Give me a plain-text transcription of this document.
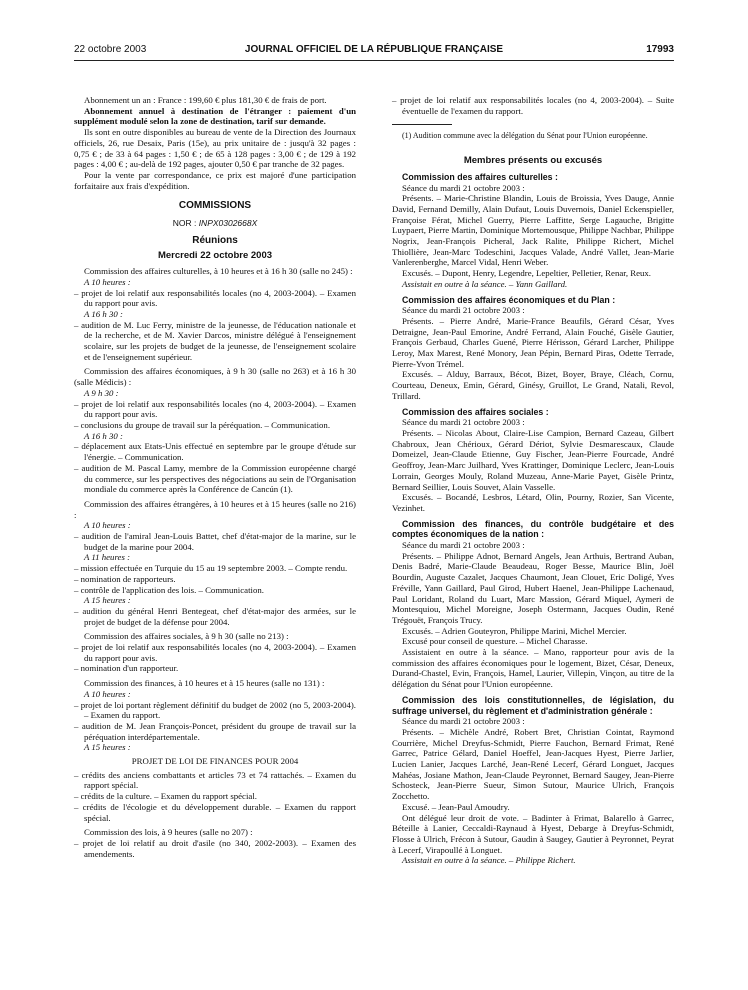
22 octobre 2003	JOURNAL OFFICIEL DE LA RÉPUBLIQUE FRANÇAISE	17993

Abonnement un an : France : 199,60 € plus 181,30 € de frais de port.

Abonnement annuel à destination de l'étranger : paiement d'un supplément modulé selon la zone de destination, tarif sur demande.

Ils sont en outre disponibles au bureau de vente de la Direction des Journaux officiels, 26, rue Desaix, Paris (15e), au prix unitaire de : jusqu'à 32 pages : 0,75 € ; de 33 à 64 pages : 1,50 € ; de 65 à 128 pages : 3,00 € ; de 129 à 192 pages : 4,00 € ; au-delà de 192 pages, ajouter 0,50 € par tranche de 32 pages.

Pour la vente par correspondance, ce prix est majoré d'une participation forfaitaire aux frais d'expédition.

COMMISSIONS
NOR : INPX0302668X
Réunions
Mercredi 22 octobre 2003

Commission des affaires culturelles, à 10 heures et à 16 h 30 (salle no 245) :

A 10 heures :

– projet de loi relatif aux responsabilités locales (no 4, 2003-2004). – Examen du rapport pour avis.

A 16 h 30 :

– audition de M. Luc Ferry, ministre de la jeunesse, de l'éducation nationale et de la recherche, et de M. Xavier Darcos, ministre délégué à l'enseignement scolaire, sur les projets de budget de la jeunesse, de l'enseignement scolaire et de l'enseignement supérieur.

Commission des affaires économiques, à 9 h 30 (salle no 263) et à 16 h 30 (salle Médicis) :

A 9 h 30 :

– projet de loi relatif aux responsabilités locales (no 4, 2003-2004). – Examen du rapport pour avis.

– conclusions du groupe de travail sur la péréquation. – Communication.

A 16 h 30 :

– déplacement aux Etats-Unis effectué en septembre par le groupe d'étude sur l'énergie. – Communication.

– audition de M. Pascal Lamy, membre de la Commission européenne chargé du commerce, sur les perspectives des négociations au sein de l'Organisation mondiale du commerce après la Conférence de Cancún (1).

Commission des affaires étrangères, à 10 heures et à 15 heures (salle no 216) :

A 10 heures :

– audition de l'amiral Jean-Louis Battet, chef d'état-major de la marine, sur le budget de la marine pour 2004.

A 11 heures :

– mission effectuée en Turquie du 15 au 19 septembre 2003. – Compte rendu.

– nomination de rapporteurs.

– contrôle de l'application des lois. – Communication.

A 15 heures :

– audition du général Henri Bentegeat, chef d'état-major des armées, sur le projet de budget de la défense pour 2004.

Commission des affaires sociales, à 9 h 30 (salle no 213) :

– projet de loi relatif aux responsabilités locales (no 4, 2003-2004). – Examen du rapport pour avis.

– nomination d'un rapporteur.

Commission des finances, à 10 heures et à 15 heures (salle no 131) :

A 10 heures :

– projet de loi portant règlement définitif du budget de 2002 (no 5, 2003-2004). – Examen du rapport.

– audition de M. Jean François-Poncet, président du groupe de travail sur la péréquation interdépartementale.

A 15 heures :

PROJET DE LOI DE FINANCES POUR 2004

– crédits des anciens combattants et articles 73 et 74 rattachés. – Examen du rapport spécial.

– crédits de la culture. – Examen du rapport spécial.

– crédits de l'écologie et du développement durable. – Examen du rapport spécial.

Commission des lois, à 9 heures (salle no 207) :

– projet de loi relatif au droit d'asile (no 340, 2002-2003). – Examen des amendements.

– projet de loi relatif aux responsabilités locales (no 4, 2003-2004). – Suite éventuelle de l'examen du rapport.

(1) Audition commune avec la délégation du Sénat pour l'Union européenne.

Membres présents ou excusés

Commission des affaires culturelles :

Séance du mardi 21 octobre 2003 :

Présents. – Marie-Christine Blandin, Louis de Broissia, Yves Dauge, Annie David, Fernand Demilly, Alain Dufaut, Louis Duvernois, Daniel Eckenspieller, Françoise Férat, Michel Guerry, Pierre Laffitte, Serge Lagauche, Brigitte Luypaert, Pierre Martin, Dominique Mortemousque, Philippe Nachbar, Philippe Nogrix, Jean-François Picheral, Jack Ralite, Philippe Richert, Michel Thiollière, Jean-Marc Todeschini, Jacques Valade, André Vallet, Jean-Marie Vanlerenberghe, Marcel Vidal, Henri Weber.

Excusés. – Dupont, Henry, Legendre, Lepeltier, Pelletier, Renar, Reux.

Assistait en outre à la séance. – Yann Gaillard.

Commission des affaires économiques et du Plan :

Séance du mardi 21 octobre 2003 :

Présents. – Pierre André, Marie-France Beaufils, Gérard César, Yves Detraigne, Jean-Paul Emorine, André Ferrand, Alain Fouché, Gisèle Gautier, François Gerbaud, Charles Guené, Pierre Hérisson, Gérard Larcher, Philippe Leroy, Max Marest, René Monory, Jean Pépin, Bernard Piras, Odette Terrade, Pierre-Yvon Trémel.

Excusés. – Alduy, Barraux, Bécot, Bizet, Boyer, Braye, Cléach, Cornu, Courteau, Deneux, Emin, Gérard, Ginésy, Gruillot, Le Grand, Natali, Revol, Trillard.

Commission des affaires sociales :

Séance du mardi 21 octobre 2003 :

Présents. – Nicolas About, Claire-Lise Campion, Bernard Cazeau, Gilbert Chabroux, Jean Chérioux, Gérard Dériot, Sylvie Desmarescaux, Claude Domeizel, Jean-Claude Etienne, Guy Fischer, Jean-Pierre Fourcade, André Geoffroy, Jean-Marc Juilhard, Yves Krattinger, Dominique Leclerc, Jean-Louis Lorrain, Georges Mouly, Roland Muzeau, Anne-Marie Payet, Gisèle Printz, Bernard Seillier, Louis Souvet, Alain Vasselle.

Excusés. – Bocandé, Lesbros, Létard, Olin, Pourny, Rozier, San Vicente, Vezinhet.

Commission des finances, du contrôle budgétaire et des comptes économiques de la nation :

Séance du mardi 21 octobre 2003 :

Présents. – Philippe Adnot, Bernard Angels, Jean Arthuis, Bertrand Auban, Denis Badré, Marie-Claude Beaudeau, Roger Besse, Maurice Blin, Joël Bourdin, Auguste Cazalet, Jacques Chaumont, Jean Clouet, Eric Doligé, Yves Fréville, Yann Gaillard, Paul Girod, Hubert Haenel, Jean-Philippe Lachenaud, Paul Loridant, Roland du Luart, Marc Massion, Gérard Miquel, Aymeri de Montesquiou, Michel Moreigne, Joseph Ostermann, Jacques Oudin, René Trégouët, François Trucy.

Excusés. – Adrien Gouteyron, Philippe Marini, Michel Mercier.

Excusé pour conseil de questure. – Michel Charasse.

Assistaient en outre à la séance. – Mano, rapporteur pour avis de la commission des affaires économiques pour le logement, Bizet, César, Deneux, Durand-Chastel, Evin, François, Hamel, Laurier, Villepin, Vinçon, au titre de la délégation du Sénat pour l'Union européenne.

Commission des lois constitutionnelles, de législation, du suffrage universel, du règlement et d'administration générale :

Séance du mardi 21 octobre 2003 :

Présents. – Michèle André, Robert Bret, Christian Cointat, Raymond Courrière, Michel Dreyfus-Schmidt, Pierre Fauchon, Bernard Frimat, René Garrec, Patrice Gélard, Daniel Hoeffel, Jean-Jacques Hyest, Pierre Jarlier, Lucien Lanier, Jacques Larché, Jean-René Lecerf, Gérard Longuet, Jacques Mahéas, Josiane Mathon, Jean-Claude Peyronnet, Bernard Saugey, Jean-Pierre Schosteck, Jean-Pierre Sueur, Simon Sutour, Maurice Ulrich, François Zocchetto.

Excusé. – Jean-Paul Amoudry.

Ont délégué leur droit de vote. – Badinter à Frimat, Balarello à Garrec, Béteille à Lanier, Ceccaldi-Raynaud à Hyest, Debarge à Dreyfus-Schmidt, Flosse à Ulrich, Frécon à Sutour, Gaudin à Saugey, Gautier à Peyronnet, Peyrat à Lecerf, Virapoullé à Longuet.

Assistait en outre à la séance. – Philippe Richert.
